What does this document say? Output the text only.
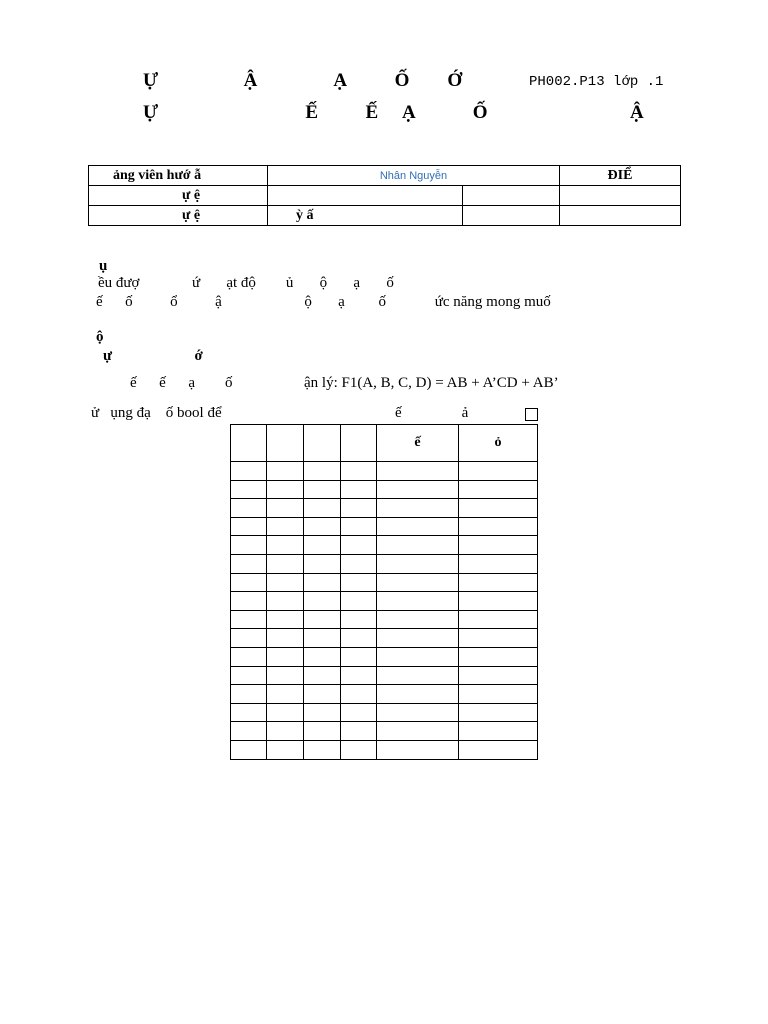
Ự                  Ậ                Ạ          Ố        Ớ	PH002.P13 lớp .1
Ự                               Ế          Ế     Ạ            Ố                              Ậ
ảng viên hướ ẫ	Nhân Nguyễn		ĐIỂ
ự ệ			
ự ệ	ỳ ấ		
ụ
ều đượ              ứ       ạt độ        ủ       ộ       ạ       ố
ế      ố          ổ          ậ                      ộ       ạ         ố             ức năng mong muố
ộ
ự                      ớ
ế      ế      ạ        ố	ận lý: F1(A, B, C, D) = AB + A’CD + AB’
ử   ụng đạ    ố bool để	ế                ả
				ế	ỏ
